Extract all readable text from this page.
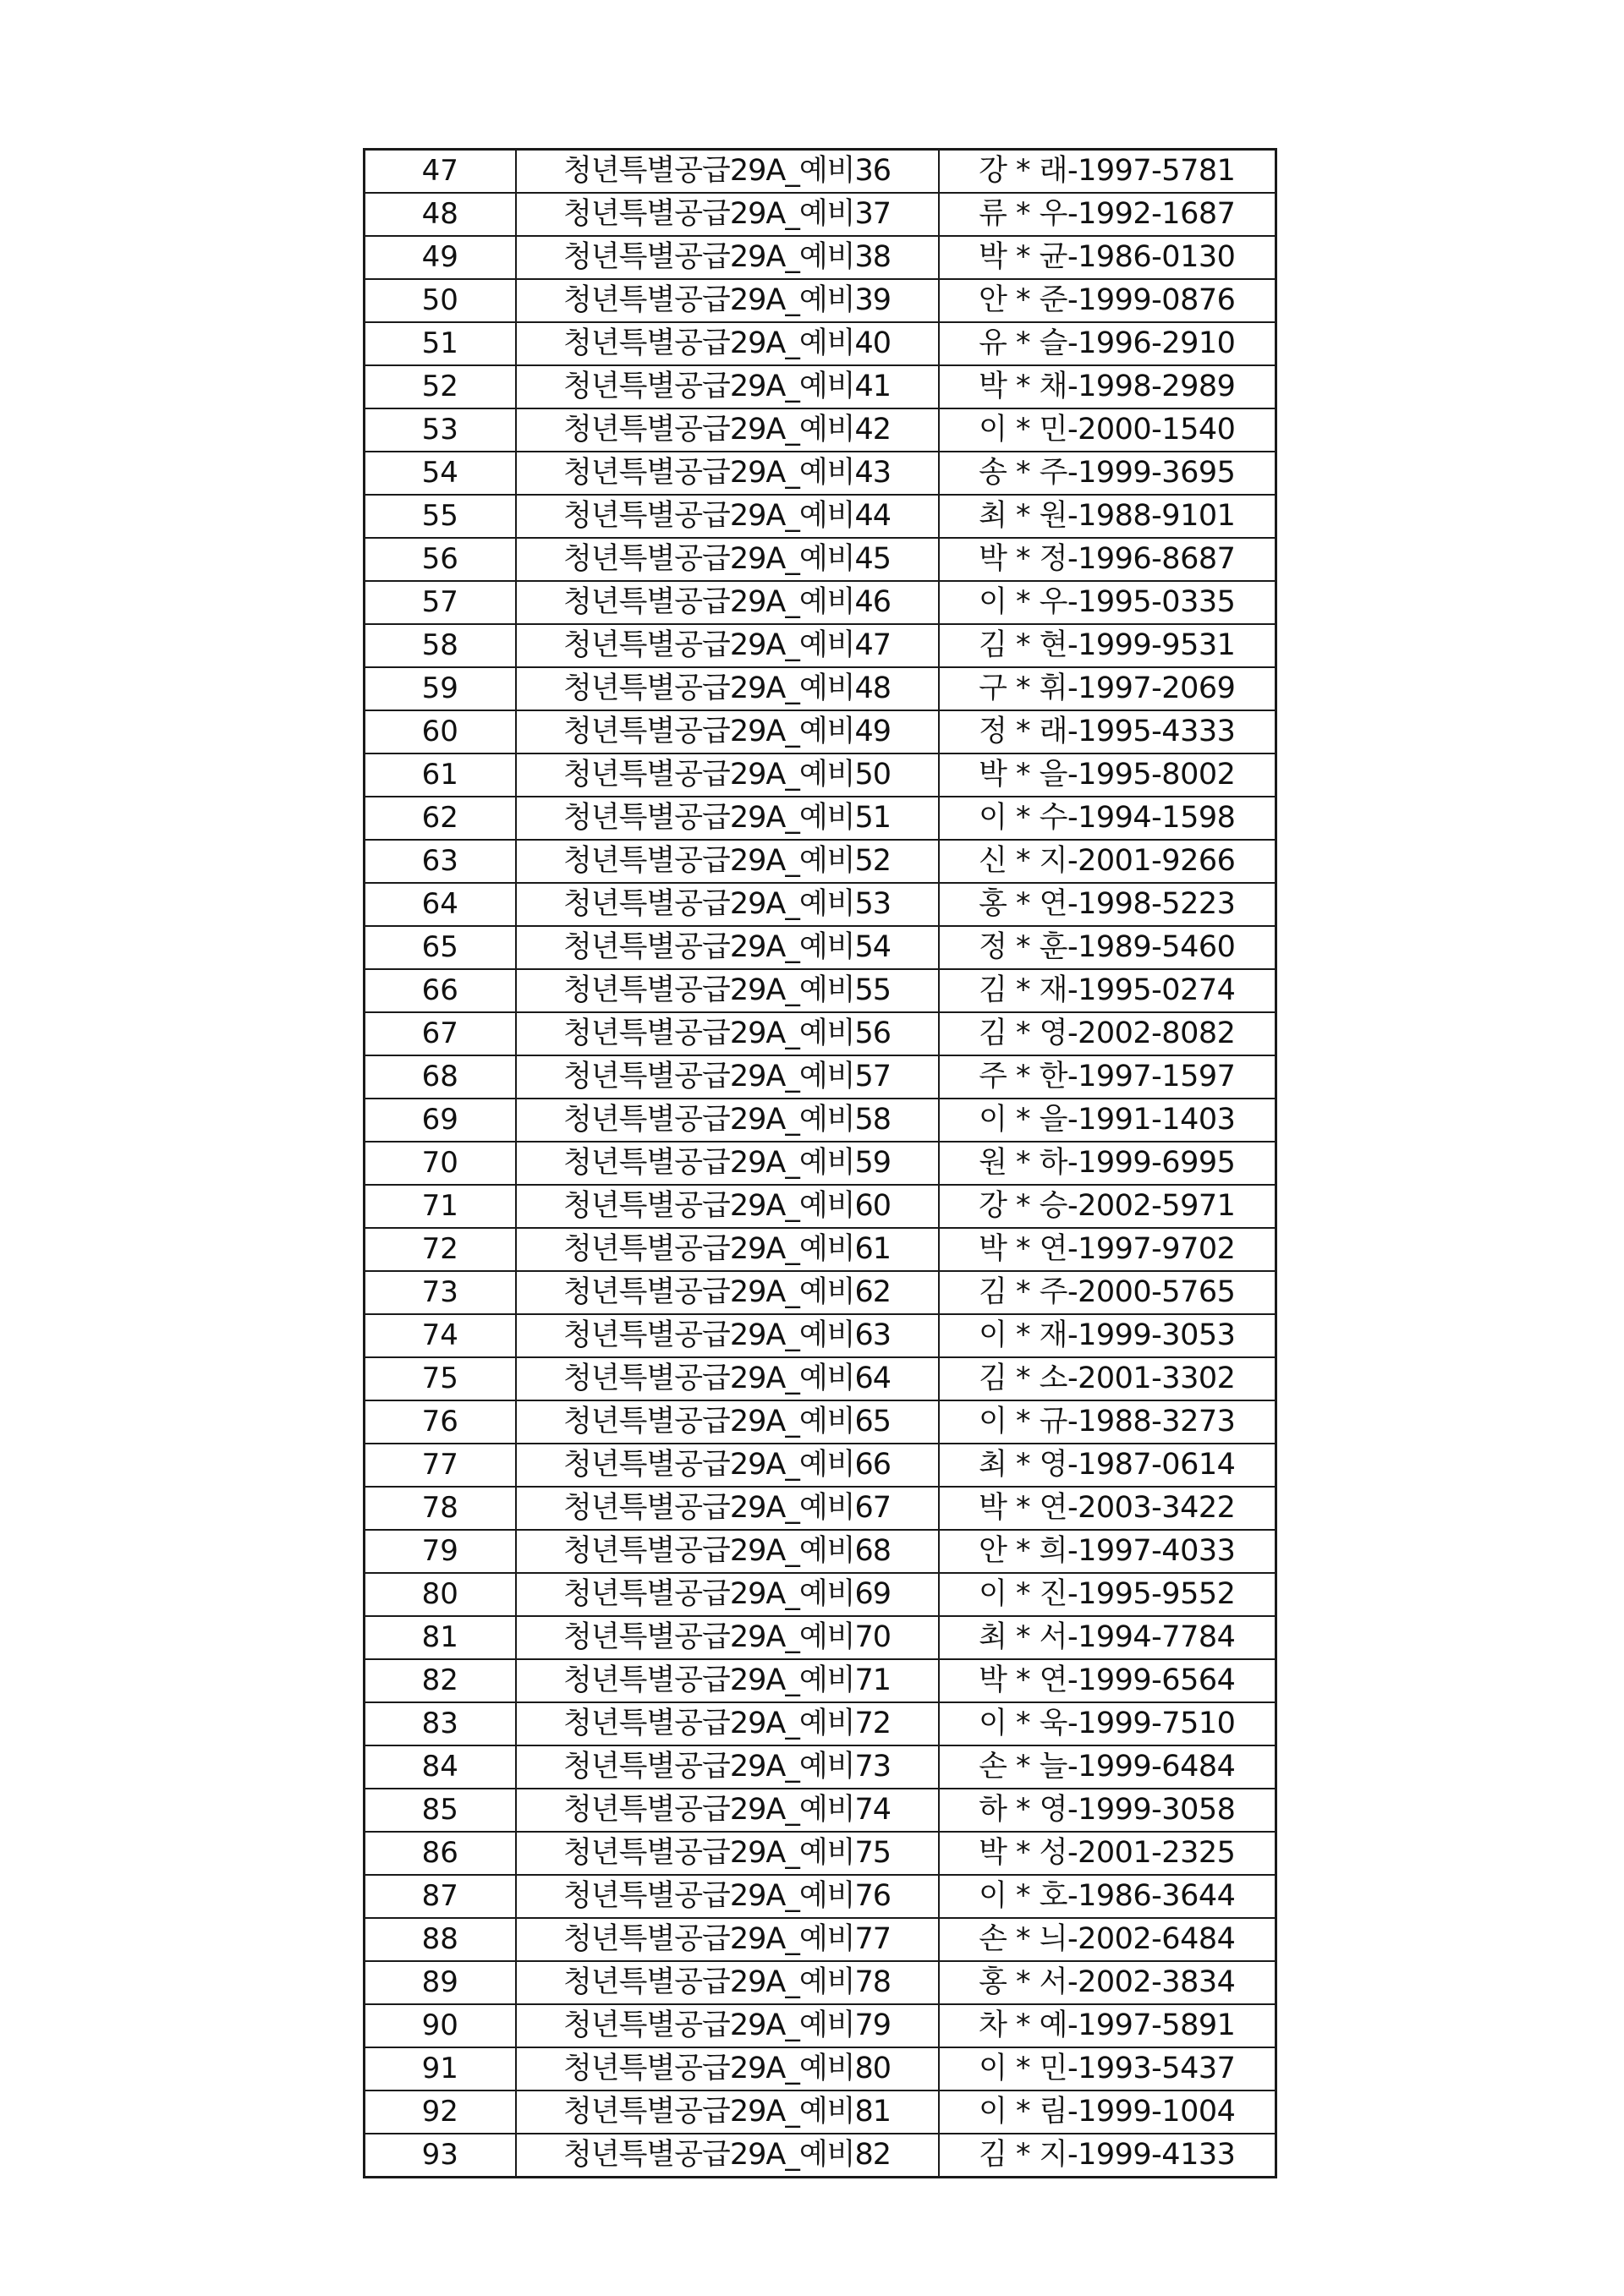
47	청년특별공급29A_예비36	강 * 래-1997-5781
48	청년특별공급29A_예비37	류 * 우-1992-1687
49	청년특별공급29A_예비38	박 * 균-1986-0130
50	청년특별공급29A_예비39	안 * 준-1999-0876
51	청년특별공급29A_예비40	유 * 슬-1996-2910
52	청년특별공급29A_예비41	박 * 채-1998-2989
53	청년특별공급29A_예비42	이 * 민-2000-1540
54	청년특별공급29A_예비43	송 * 주-1999-3695
55	청년특별공급29A_예비44	최 * 원-1988-9101
56	청년특별공급29A_예비45	박 * 정-1996-8687
57	청년특별공급29A_예비46	이 * 우-1995-0335
58	청년특별공급29A_예비47	김 * 현-1999-9531
59	청년특별공급29A_예비48	구 * 휘-1997-2069
60	청년특별공급29A_예비49	정 * 래-1995-4333
61	청년특별공급29A_예비50	박 * 을-1995-8002
62	청년특별공급29A_예비51	이 * 수-1994-1598
63	청년특별공급29A_예비52	신 * 지-2001-9266
64	청년특별공급29A_예비53	홍 * 연-1998-5223
65	청년특별공급29A_예비54	정 * 훈-1989-5460
66	청년특별공급29A_예비55	김 * 재-1995-0274
67	청년특별공급29A_예비56	김 * 영-2002-8082
68	청년특별공급29A_예비57	주 * 한-1997-1597
69	청년특별공급29A_예비58	이 * 을-1991-1403
70	청년특별공급29A_예비59	원 * 하-1999-6995
71	청년특별공급29A_예비60	강 * 승-2002-5971
72	청년특별공급29A_예비61	박 * 연-1997-9702
73	청년특별공급29A_예비62	김 * 주-2000-5765
74	청년특별공급29A_예비63	이 * 재-1999-3053
75	청년특별공급29A_예비64	김 * 소-2001-3302
76	청년특별공급29A_예비65	이 * 규-1988-3273
77	청년특별공급29A_예비66	최 * 영-1987-0614
78	청년특별공급29A_예비67	박 * 연-2003-3422
79	청년특별공급29A_예비68	안 * 희-1997-4033
80	청년특별공급29A_예비69	이 * 진-1995-9552
81	청년특별공급29A_예비70	최 * 서-1994-7784
82	청년특별공급29A_예비71	박 * 연-1999-6564
83	청년특별공급29A_예비72	이 * 욱-1999-7510
84	청년특별공급29A_예비73	손 * 늘-1999-6484
85	청년특별공급29A_예비74	하 * 영-1999-3058
86	청년특별공급29A_예비75	박 * 성-2001-2325
87	청년특별공급29A_예비76	이 * 호-1986-3644
88	청년특별공급29A_예비77	손 * 늬-2002-6484
89	청년특별공급29A_예비78	홍 * 서-2002-3834
90	청년특별공급29A_예비79	차 * 예-1997-5891
91	청년특별공급29A_예비80	이 * 민-1993-5437
92	청년특별공급29A_예비81	이 * 림-1999-1004
93	청년특별공급29A_예비82	김 * 지-1999-4133
